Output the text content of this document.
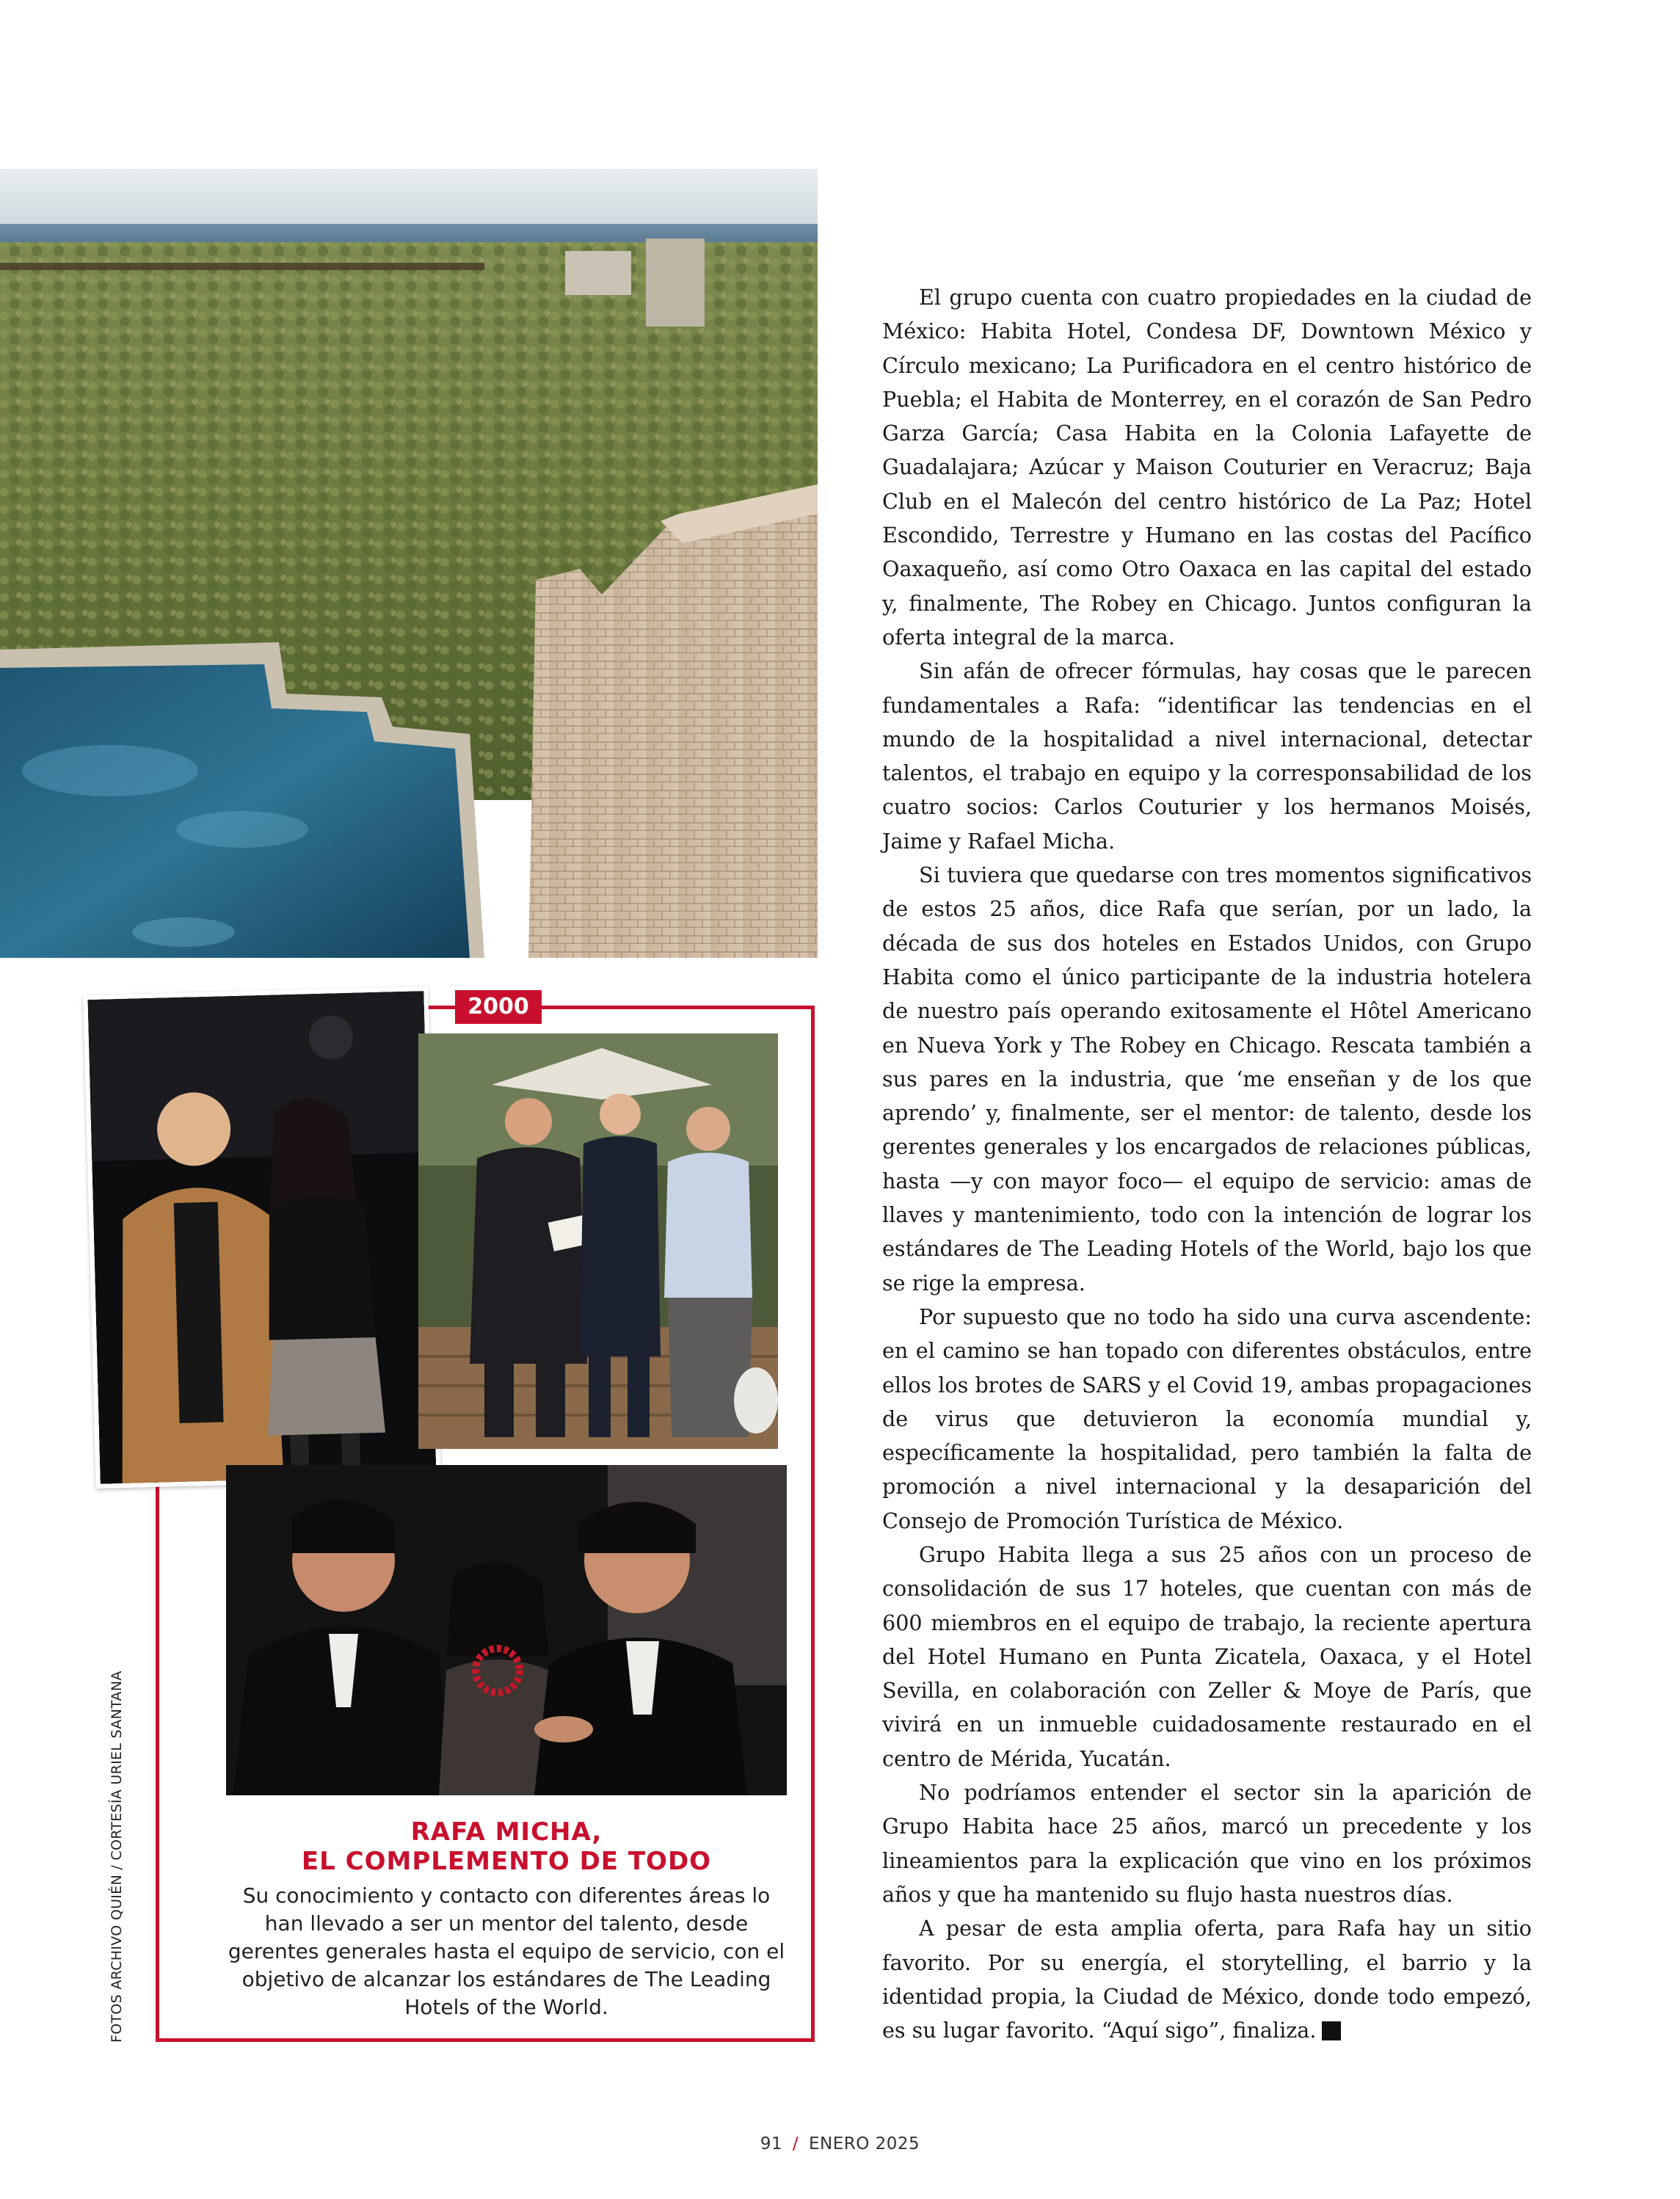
2000
RAFA MICHA,
EL COMPLEMENTO DE TODO

Su conocimiento y contacto con diferentes áreas lo han llevado a ser un mentor del talento, desde gerentes generales hasta el equipo de servicio, con el objetivo de alcanzar los estándares de The Leading Hotels of the World.

FOTOS ARCHIVO QUIÉN / CORTESÍA URIEL SANTANA

El grupo cuenta con cuatro propiedades en la ciudad de México: Habita Hotel, Condesa DF, Downtown México y Círculo mexicano; La Purificadora en el centro histórico de Puebla; el Habita de Monterrey, en el corazón de San Pedro Garza García; Casa Habita en la Colonia Lafayette de Guadalajara; Azúcar y Maison Couturier en Veracruz; Baja Club en el Malecón del centro histórico de La Paz; Hotel Escondido, Terrestre y Humano en las costas del Pacífico Oaxaqueño, así como Otro Oaxaca en las capital del estado y, finalmente, The Robey en Chicago. Juntos configuran la oferta integral de la marca.

Sin afán de ofrecer fórmulas, hay cosas que le parecen fundamentales a Rafa: “identificar las tendencias en el mundo de la hospitalidad a nivel internacional, detectar talentos, el trabajo en equipo y la corresponsabilidad de los cuatro socios: Carlos Couturier y los hermanos Moisés, Jaime y Rafael Micha.

Si tuviera que quedarse con tres momentos significativos de estos 25 años, dice Rafa que serían, por un lado, la década de sus dos hoteles en Estados Unidos, con Grupo Habita como el único participante de la industria hotelera de nuestro país operando exitosamente el Hôtel Americano en Nueva York y The Robey en Chicago. Rescata también a sus pares en la industria, que ‘me enseñan y de los que aprendo’ y, finalmente, ser el mentor: de talento, desde los gerentes generales y los encargados de relaciones públicas, hasta —y con mayor foco— el equipo de servicio: amas de llaves y mantenimiento, todo con la intención de lograr los estándares de The Leading Hotels of the World, bajo los que se rige la empresa.

Por supuesto que no todo ha sido una curva ascendente: en el camino se han topado con diferentes obstáculos, entre ellos los brotes de SARS y el Covid 19, ambas propagaciones de virus que detuvieron la economía mundial y, específicamente la hospitalidad, pero también la falta de promoción a nivel internacional y la desaparición del Consejo de Promoción Turística de México.

Grupo Habita llega a sus 25 años con un proceso de consolidación de sus 17 hoteles, que cuentan con más de 600 miembros en el equipo de trabajo, la reciente apertura del Hotel Humano en Punta Zicatela, Oaxaca, y el Hotel Sevilla, en colaboración con Zeller & Moye de París, que vivirá en un inmueble cuidadosamente restaurado en el centro de Mérida, Yucatán.

No podríamos entender el sector sin la aparición de Grupo Habita hace 25 años, marcó un precedente y los lineamientos para la explicación que vino en los próximos años y que ha mantenido su flujo hasta nuestros días.

A pesar de esta amplia oferta, para Rafa hay un sitio favorito. Por su energía, el storytelling, el barrio y la identidad propia, la Ciudad de México, donde todo empezó, es su lugar favorito. “Aquí sigo”, finaliza.	Q

91 / ENERO 2025
